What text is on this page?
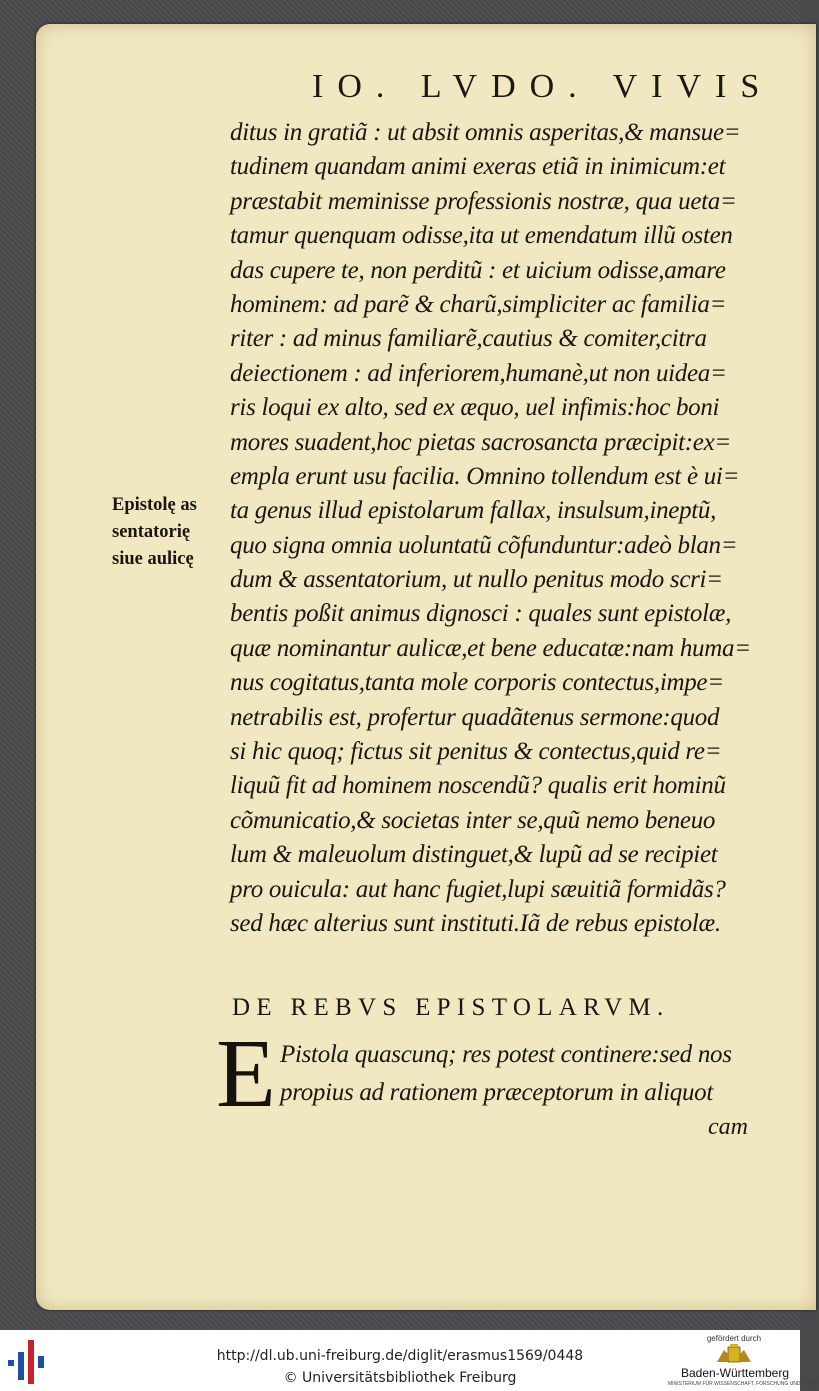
IO. LVDO. VIVIS
ditus in gratiã : ut absit omnis asperitas,& mansue=
tudinem quandam animi exeras etiã in inimicum:et
præstabit meminisse professionis nostræ, qua ueta=
tamur quenquam odisse,ita ut emendatum illũ osten
das cupere te, non perditũ : et uicium odisse,amare
hominem: ad parẽ & charũ,simpliciter ac familia=
riter : ad minus familiarẽ,cautius & comiter,citra
deiectionem : ad inferiorem,humanè,ut non uidea=
ris loqui ex alto, sed ex æquo, uel infimis:hoc boni
mores suadent,hoc pietas sacrosancta præcipit:ex=
empla erunt usu facilia. Omnino tollendum est è ui=
ta genus illud epistolarum fallax, insulsum,ineptũ,
quo signa omnia uoluntatũ cõfunduntur:adeò blan=
dum & assentatorium, ut nullo penitus modo scri=
bentis poßit animus dignosci : quales sunt epistolæ,
quæ nominantur aulicæ,et bene educatæ:nam huma=
nus cogitatus,tanta mole corporis contectus,impe=
netrabilis est, profertur quadãtenus sermone:quod
si hic quoq; fictus sit penitus & contectus,quid re=
liquũ fit ad hominem noscendũ? qualis erit hominũ
cõmunicatio,& societas inter se,quũ nemo beneuo
lum & maleuolum distinguet,& lupũ ad se recipiet
pro ouicula: aut hanc fugiet,lupi sæuitiã formidãs?
sed hæc alterius sunt instituti.Iã de rebus epistolæ.
Epistolę as
sentatorię
siue aulicę
DE REBVS EPISTOLARVM.
E Pistola quascunq; res potest continere:sed nos
propius ad rationem præceptorum in aliquot
cam
http://dl.ub.uni-freiburg.de/diglit/erasmus1569/0448
© Universitätsbibliothek Freiburg
gefördert durch
Baden-Württemberg
MINISTERIUM FÜR WISSENSCHAFT, FORSCHUNG UND KUNST
